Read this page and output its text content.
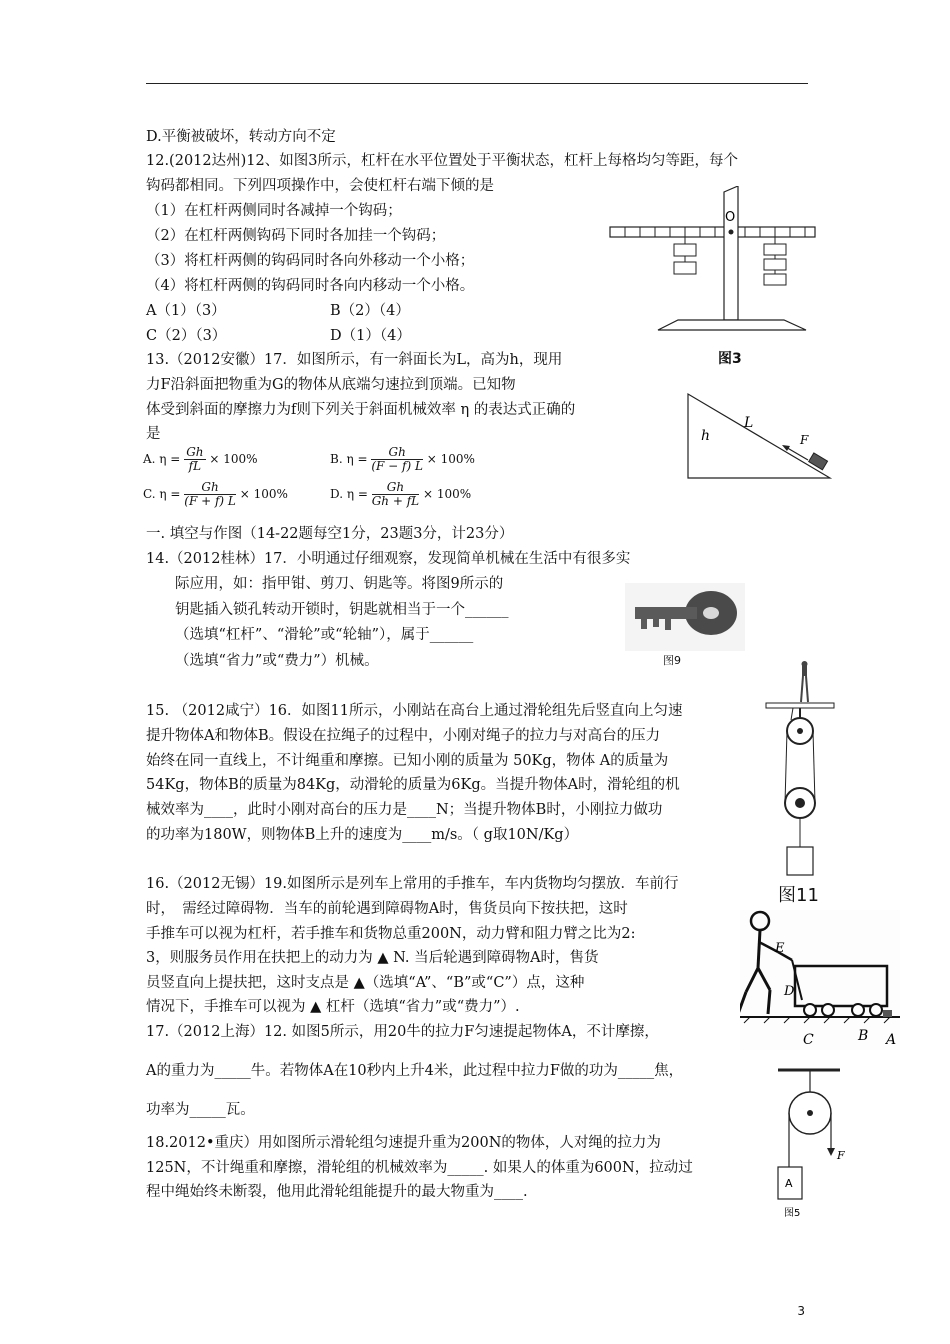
D.平衡被破坏，转动方向不定
12.(2012达州)12、如图3所示，杠杆在水平位置处于平衡状态，杠杆上每格均匀等距，每个
钩码都相同。下列四项操作中，会使杠杆右端下倾的是
（1）在杠杆两侧同时各减掉一个钩码；
（2）在杠杆两侧钩码下同时各加挂一个钩码；
（3）将杠杆两侧的钩码同时各向外移动一个小格；
（4）将杠杆两侧的钩码同时各向内移动一个小格。
A（1）（3）	B（2）（4）
C（2）（3）	D（1）（4）
13.（2012安徽）17．如图所示，有一斜面长为L，高为h，现用
力F沿斜面把物重为G的物体从底端匀速拉到顶端。已知物
体受到斜面的摩擦力为f则下列关于斜面机械效率 η 的表达式正确的
是
A. $\eta = \frac{Gh}{fL} \times 100\%$	B. $\eta = \frac{Gh}{(F - f) L} \times 100\%$
C. $\eta = \frac{Gh}{(F + f) L} \times 100\%$	D. $\eta = \frac{Gh}{Gh + fL} \times 100\%$
一. 填空与作图（14-22题每空1分，23题3分，计23分）
14.（2012桂林）17．小明通过仔细观察，发现简单机械在生活中有很多实
际应用，如：指甲钳、剪刀、钥匙等。将图9所示的
钥匙插入锁孔转动开锁时，钥匙就相当于一个______
（选填“杠杆”、“滑轮”或“轮轴”），属于______
（选填“省力”或“费力”）机械。
15. （2012咸宁）16．如图11所示，小刚站在高台上通过滑轮组先后竖直向上匀速
提升物体A和物体B。假设在拉绳子的过程中，小刚对绳子的拉力与对高台的压力
始终在同一直线上，不计绳重和摩擦。已知小刚的质量为 50Kg，物体 A的质量为
54Kg，物体B的质量为84Kg，动滑轮的质量为6Kg。当提升物体A时，滑轮组的机
械效率为____，此时小刚对高台的压力是____N；当提升物体B时，小刚拉力做功
的功率为180W，则物体B上升的速度为____m/s。（ g取10N/Kg）
16.（2012无锡）19.如图所示是列车上常用的手推车，车内货物均匀摆放．车前行
时，　需经过障碍物．当车的前轮遇到障碍物A时，售货员向下按扶把，这时
手推车可以视为杠杆，若手推车和货物总重200N，动力臂和阻力臂之比为2:
3，则服务员作用在扶把上的动力为 ▲ N. 当后轮遇到障碍物A时，售货
员竖直向上提扶把，这时支点是 ▲（选填“A”、“B”或“C”）点，这种
情况下，手推车可以视为 ▲ 杠杆（选填“省力”或“费力”）.
17.（2012上海）12. 如图5所示，用20牛的拉力F匀速提起物体A，不计摩擦，
A的重力为_____牛。若物体A在10秒内上升4米，此过程中拉力F做的功为_____焦，
功率为_____瓦。
18.2012•重庆）用如图所示滑轮组匀速提升重为200N的物体，人对绳的拉力为
125N，不计绳重和摩擦，滑轮组的机械效率为_____. 如果人的体重为600N，拉动过
程中绳始终未断裂，他用此滑轮组能提升的最大物重为____.
O
图3
h
L
F
图9
图11
E
D
C	B A
F
A
图5
3
